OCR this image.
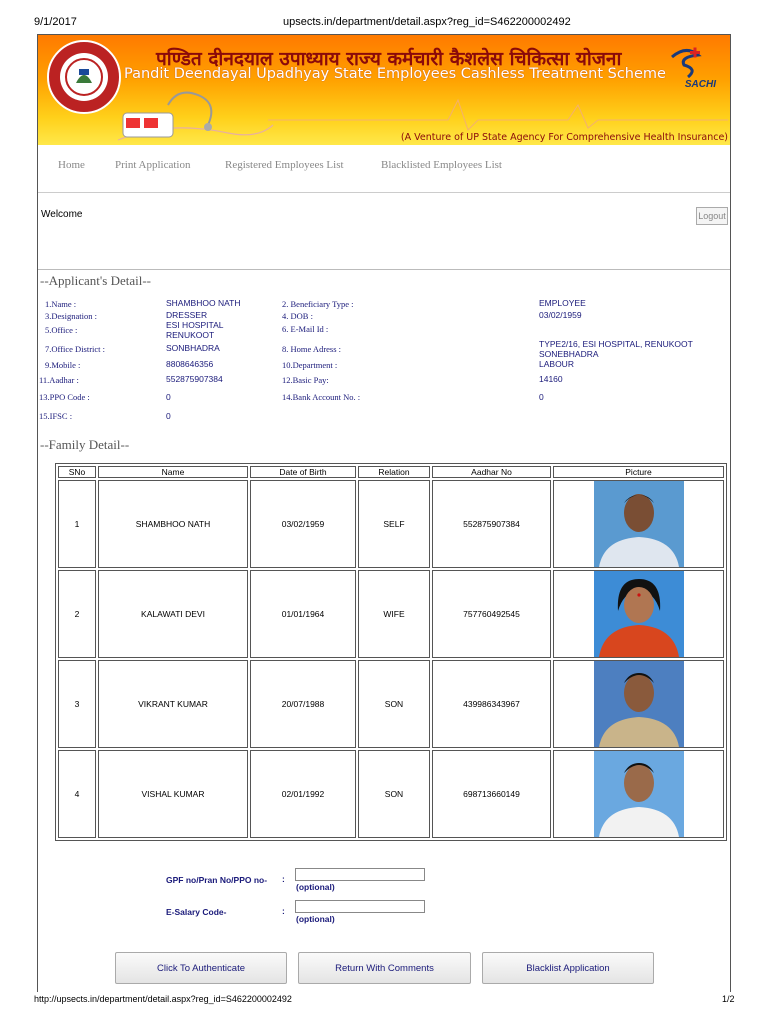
9/1/2017	upsects.in/department/detail.aspx?reg_id=S462200002492
पण्डित दीनदयाल उपाध्याय राज्य कर्मचारी कैशलेस चिकित्सा योजना
Pandit Deendayal Upadhyay State Employees Cashless Treatment Scheme
SACHI
(A Venture of UP State Agency For Comprehensive Health Insurance)
Home	Print Application	Registered Employees List	Blacklisted Employees List
Welcome	Logout
--Applicant's Detail--
1.Name :	SHAMBHOO NATH
3.Designation :	DRESSER
5.Office :	ESI HOSPITAL RENUKOOT
7.Office District :	SONBHADRA
9.Mobile :	8808646356
11.Aadhar :	552875907384
13.PPO Code :	0
15.IFSC :	0
2. Beneficiary Type :	EMPLOYEE
4. DOB :	03/02/1959
6. E-Mail Id :
8. Home Adress :	TYPE2/16, ESI HOSPITAL, RENUKOOT SONEBHADRA
10.Department :	LABOUR
12.Basic Pay:	14160
14.Bank Account No. :	0
--Family Detail--
SNo	Name	Date of Birth	Relation	Aadhar No	Picture
1	SHAMBHOO NATH	03/02/1959	SELF	552875907384	
2	KALAWATI DEVI	01/01/1964	WIFE	757760492545	
3	VIKRANT KUMAR	20/07/1988	SON	439986343967	
4	VISHAL KUMAR	02/01/1992	SON	698713660149	
GPF no/Pran No/PPO no- :
(optional)
E-Salary Code-	:
(optional)
Click To Authenticate	Return With Comments	Blacklist Application
http://upsects.in/department/detail.aspx?reg_id=S462200002492	1/2
